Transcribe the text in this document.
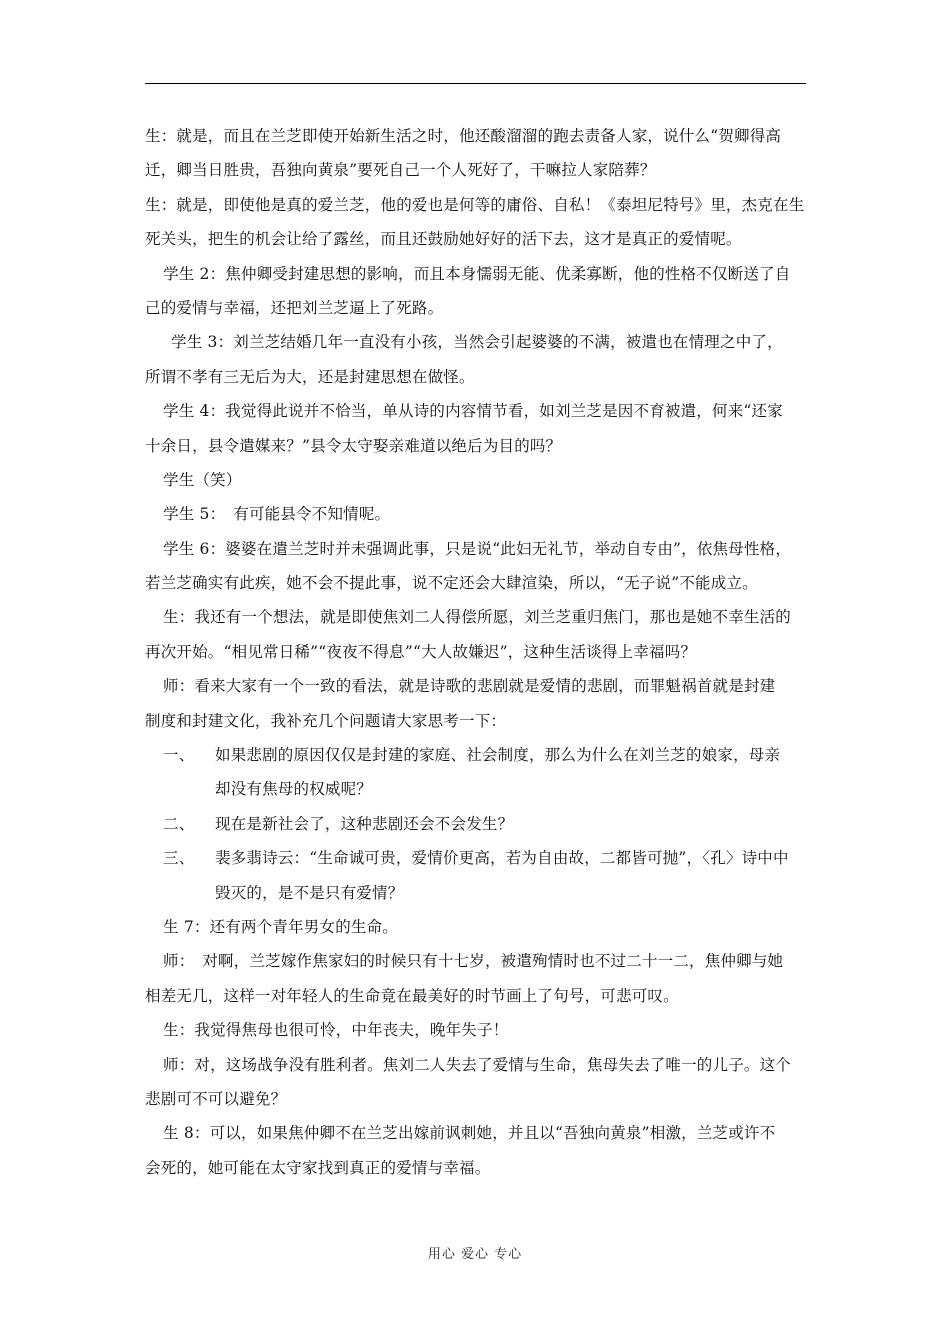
生：就是，而且在兰芝即使开始新生活之时，他还酸溜溜的跑去责备人家，说什么“贺卿得高
迁，卿当日胜贵，吾独向黄泉”要死自己一个人死好了，干嘛拉人家陪葬？
生：就是，即使他是真的爱兰芝，他的爱也是何等的庸俗、自私！《泰坦尼特号》里，杰克在生
死关头，把生的机会让给了露丝，而且还鼓励她好好的活下去，这才是真正的爱情呢。
学生 2：焦仲卿受封建思想的影响，而且本身懦弱无能、优柔寡断，他的性格不仅断送了自
己的爱情与幸福，还把刘兰芝逼上了死路。
学生 3：刘兰芝结婚几年一直没有小孩，当然会引起婆婆的不满，被遣也在情理之中了，
所谓不孝有三无后为大，还是封建思想在做怪。
学生 4：我觉得此说并不恰当，单从诗的内容情节看，如刘兰芝是因不育被遣，何来“还家
十余日，县令遣媒来？”县令太守娶亲难道以绝后为目的吗？
学生（笑）
学生 5：　有可能县令不知情呢。
学生 6：婆婆在遣兰芝时并未强调此事，只是说“此妇无礼节，举动自专由”，依焦母性格，
若兰芝确实有此疾，她不会不提此事，说不定还会大肆渲染，所以，“无子说”不能成立。
生：我还有一个想法，就是即使焦刘二人得偿所愿，刘兰芝重归焦门，那也是她不幸生活的
再次开始。“相见常日稀”“夜夜不得息”“大人故嫌迟”，这种生活谈得上幸福吗？
师：看来大家有一个一致的看法，就是诗歌的悲剧就是爱情的悲剧，而罪魁祸首就是封建
制度和封建文化，我补充几个问题请大家思考一下：
一、	如果悲剧的原因仅仅是封建的家庭、社会制度，那么为什么在刘兰芝的娘家，母亲
却没有焦母的权威呢？
二、	现在是新社会了，这种悲剧还会不会发生？
三、	裴多翡诗云：“生命诚可贵，爱情价更高，若为自由故，二都皆可抛”，〈孔〉诗中中
毁灭的，是不是只有爱情？
生 7：还有两个青年男女的生命。
师：　对啊，兰芝嫁作焦家妇的时候只有十七岁，被遣殉情时也不过二十一二，焦仲卿与她
相差无几，这样一对年轻人的生命竟在最美好的时节画上了句号，可悲可叹。
生：我觉得焦母也很可怜，中年丧夫，晚年失子！
师：对，这场战争没有胜利者。焦刘二人失去了爱情与生命，焦母失去了唯一的儿子。这个
悲剧可不可以避免？
生 8：可以，如果焦仲卿不在兰芝出嫁前讽刺她，并且以“吾独向黄泉”相激，兰芝或许不
会死的，她可能在太守家找到真正的爱情与幸福。
用心 爱心 专心
